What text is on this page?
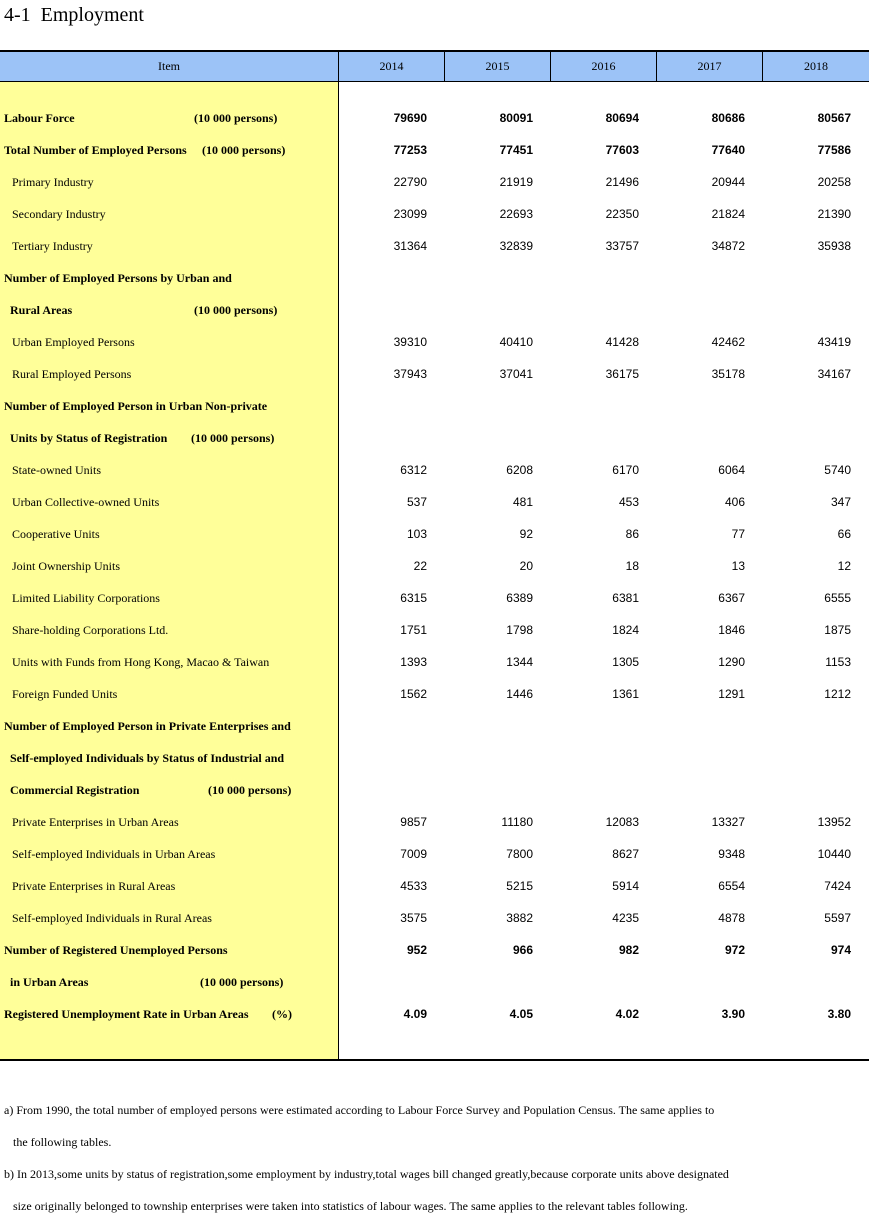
4-1  Employment
Item	2014	2015	2016	2017	2018
Labour Force	(10 000 persons)	79690	80091	80694	80686	80567
Total Number of Employed Persons (10 000 persons)	77253	77451	77603	77640	77586
Primary Industry	22790	21919	21496	20944	20258
Secondary Industry	23099	22693	22350	21824	21390
Tertiary Industry	31364	32839	33757	34872	35938
Number of Employed Persons by Urban and
Rural Areas	(10 000 persons)
Urban Employed Persons	39310	40410	41428	42462	43419
Rural Employed Persons	37943	37041	36175	35178	34167
Number of Employed Person in Urban Non-private
Units by Status of Registration (10 000 persons)
State-owned Units	6312	6208	6170	6064	5740
Urban Collective-owned Units	537	481	453	406	347
Cooperative Units	103	92	86	77	66
Joint Ownership Units	22	20	18	13	12
Limited Liability Corporations	6315	6389	6381	6367	6555
Share-holding Corporations Ltd.	1751	1798	1824	1846	1875
Units with Funds from Hong Kong, Macao & Taiwan	1393	1344	1305	1290	1153
Foreign Funded Units	1562	1446	1361	1291	1212
Number of Employed Person in Private Enterprises and
Self-employed Individuals by Status of Industrial and
Commercial Registration	(10 000 persons)
Private Enterprises in Urban Areas	9857	11180	12083	13327	13952
Self-employed Individuals in Urban Areas	7009	7800	8627	9348	10440
Private Enterprises in Rural Areas	4533	5215	5914	6554	7424
Self-employed Individuals in Rural Areas	3575	3882	4235	4878	5597
Number of Registered Unemployed Persons	952	966	982	972	974
in Urban Areas	(10 000 persons)
Registered Unemployment Rate in Urban Areas (%)	4.09	4.05	4.02	3.90	3.80
a) From 1990, the total number of employed persons were estimated according to Labour Force Survey and Population Census. The same applies to
the following tables.
b) In 2013,some units by status of registration,some employment by industry,total wages bill changed greatly,because corporate units above designated
size originally belonged to township enterprises were taken into statistics of labour wages. The same applies to the relevant tables following.
